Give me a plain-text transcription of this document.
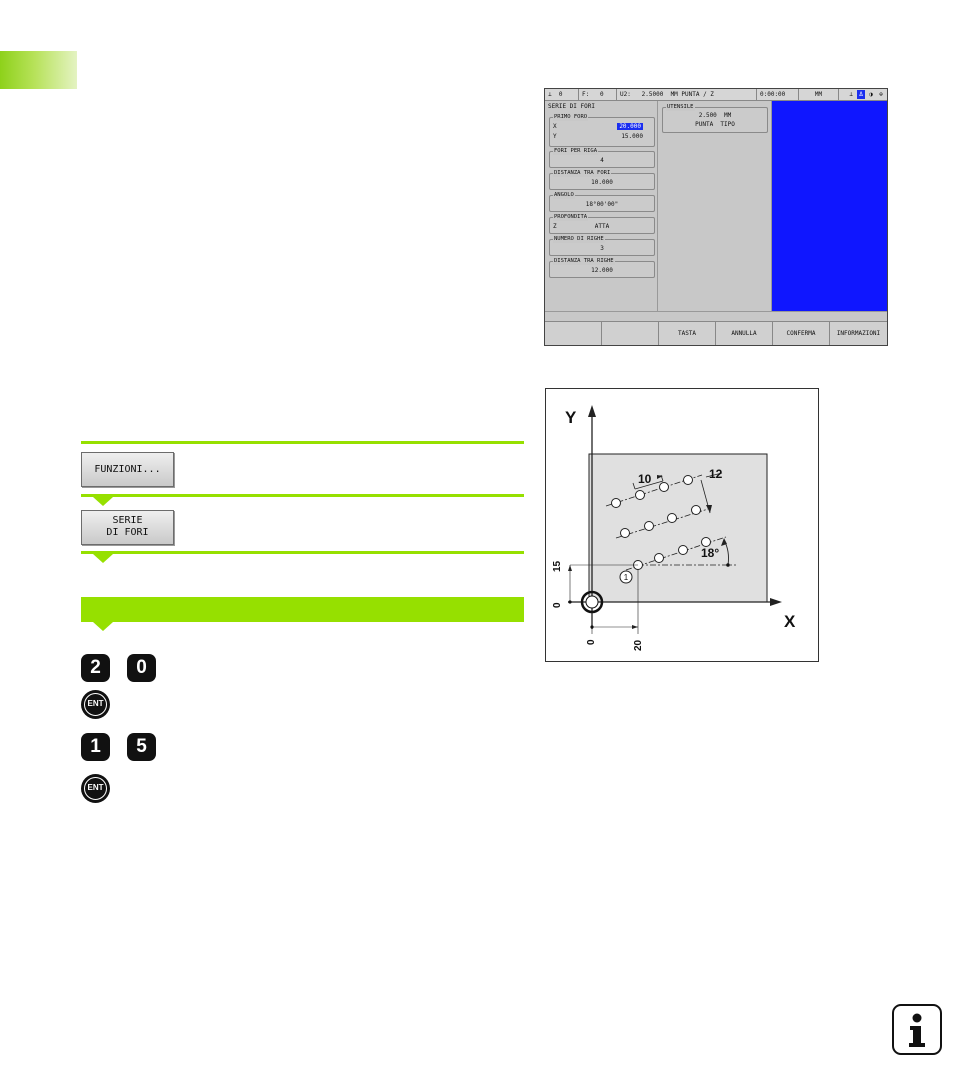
⊥  0	F:   0	U2:   2.5000  MM PUNTA / Z	0:00:00	MM	⊥	Δ	◑	⊕
SERIE DI FORI
PRIMO FORO
X	20.000
Y	15.000
FORI PER RIGA
4
DISTANZA TRA FORI
10.000
ANGOLO
18°00'00"
PROFONDITA
Z	ATTA
NUMERO DI RIGHE
3
DISTANZA TRA RIGHE
12.000
UTENSILE
2.500  MM
PUNTA  TIPO
TASTA	ANNULLA	CONFERMA	INFORMAZIONI
FUNZIONI...
SERIE
DI FORI
2	0
ENT
1	5
ENT
Y
X
1
10	12
18°
15
0
0	20
